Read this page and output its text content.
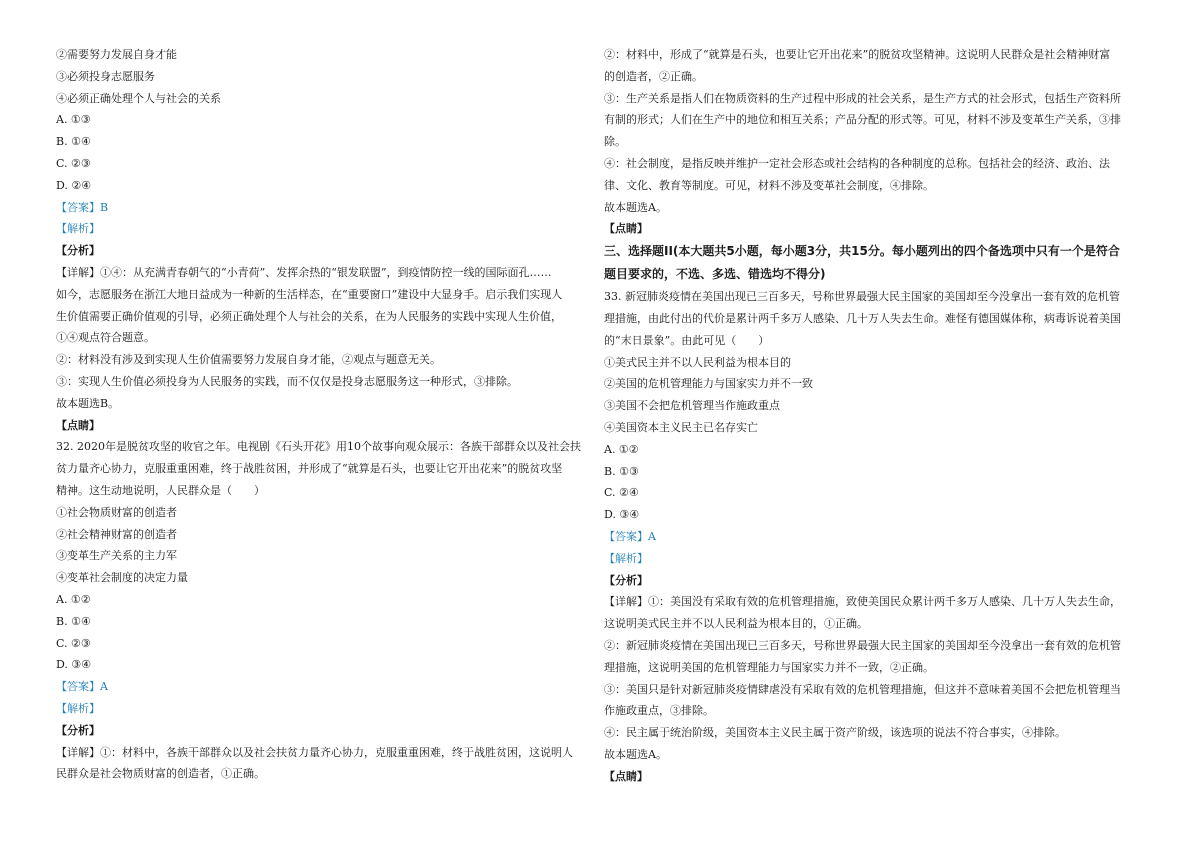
②需要努力发展自身才能
③必须投身志愿服务
④必须正确处理个人与社会的关系
A. ①③
B. ①④
C. ②③
D. ②④
【答案】B
【解析】
【分析】
【详解】①④：从充满青春朝气的“小青荷”、发挥余热的“银发联盟”，到疫情防控一线的国际面孔……
如今，志愿服务在浙江大地日益成为一种新的生活样态，在“重要窗口”建设中大显身手。启示我们实现人
生价值需要正确价值观的引导，必须正确处理个人与社会的关系，在为人民服务的实践中实现人生价值，
①④观点符合题意。
②：材料没有涉及到实现人生价值需要努力发展自身才能，②观点与题意无关。
③：实现人生价值必须投身为人民服务的实践，而不仅仅是投身志愿服务这一种形式，③排除。
故本题选B。
【点睛】
32. 2020年是脱贫攻坚的收官之年。电视剧《石头开花》用10个故事向观众展示：各族干部群众以及社会扶
贫力量齐心协力，克服重重困难，终于战胜贫困，并形成了“就算是石头，也要让它开出花来”的脱贫攻坚
精神。这生动地说明，人民群众是（　　）
①社会物质财富的创造者
②社会精神财富的创造者
③变革生产关系的主力军
④变革社会制度的决定力量
A. ①②
B. ①④
C. ②③
D. ③④
【答案】A
【解析】
【分析】
【详解】①：材料中，各族干部群众以及社会扶贫力量齐心协力，克服重重困难，终于战胜贫困，这说明人
民群众是社会物质财富的创造者，①正确。
②：材料中，形成了“就算是石头，也要让它开出花来”的脱贫攻坚精神。这说明人民群众是社会精神财富
的创造者，②正确。
③：生产关系是指人们在物质资料的生产过程中形成的社会关系，是生产方式的社会形式，包括生产资料所
有制的形式；人们在生产中的地位和相互关系；产品分配的形式等。可见，材料不涉及变革生产关系，③排
除。
④：社会制度，是指反映并维护一定社会形态或社会结构的各种制度的总称。包括社会的经济、政治、法
律、文化、教育等制度。可见，材料不涉及变革社会制度，④排除。
故本题选A。
【点睛】
三、选择题II(本大题共5小题，每小题3分，共15分。每小题列出的四个备选项中只有一个是符合
题目要求的，不选、多选、错选均不得分)
33. 新冠肺炎疫情在美国出现已三百多天，号称世界最强大民主国家的美国却至今没拿出一套有效的危机管
理措施，由此付出的代价是累计两千多万人感染、几十万人失去生命。难怪有德国媒体称，病毒诉说着美国
的“末日景象”。由此可见（　　）
①美式民主并不以人民利益为根本目的
②美国的危机管理能力与国家实力并不一致
③美国不会把危机管理当作施政重点
④美国资本主义民主已名存实亡
A. ①②
B. ①③
C. ②④
D. ③④
【答案】A
【解析】
【分析】
【详解】①：美国没有采取有效的危机管理措施，致使美国民众累计两千多万人感染、几十万人失去生命，
这说明美式民主并不以人民利益为根本目的，①正确。
②：新冠肺炎疫情在美国出现已三百多天，号称世界最强大民主国家的美国却至今没拿出一套有效的危机管
理措施，这说明美国的危机管理能力与国家实力并不一致，②正确。
③：美国只是针对新冠肺炎疫情肆虐没有采取有效的危机管理措施，但这并不意味着美国不会把危机管理当
作施政重点，③排除。
④：民主属于统治阶级，美国资本主义民主属于资产阶级，该选项的说法不符合事实，④排除。
故本题选A。
【点睛】
